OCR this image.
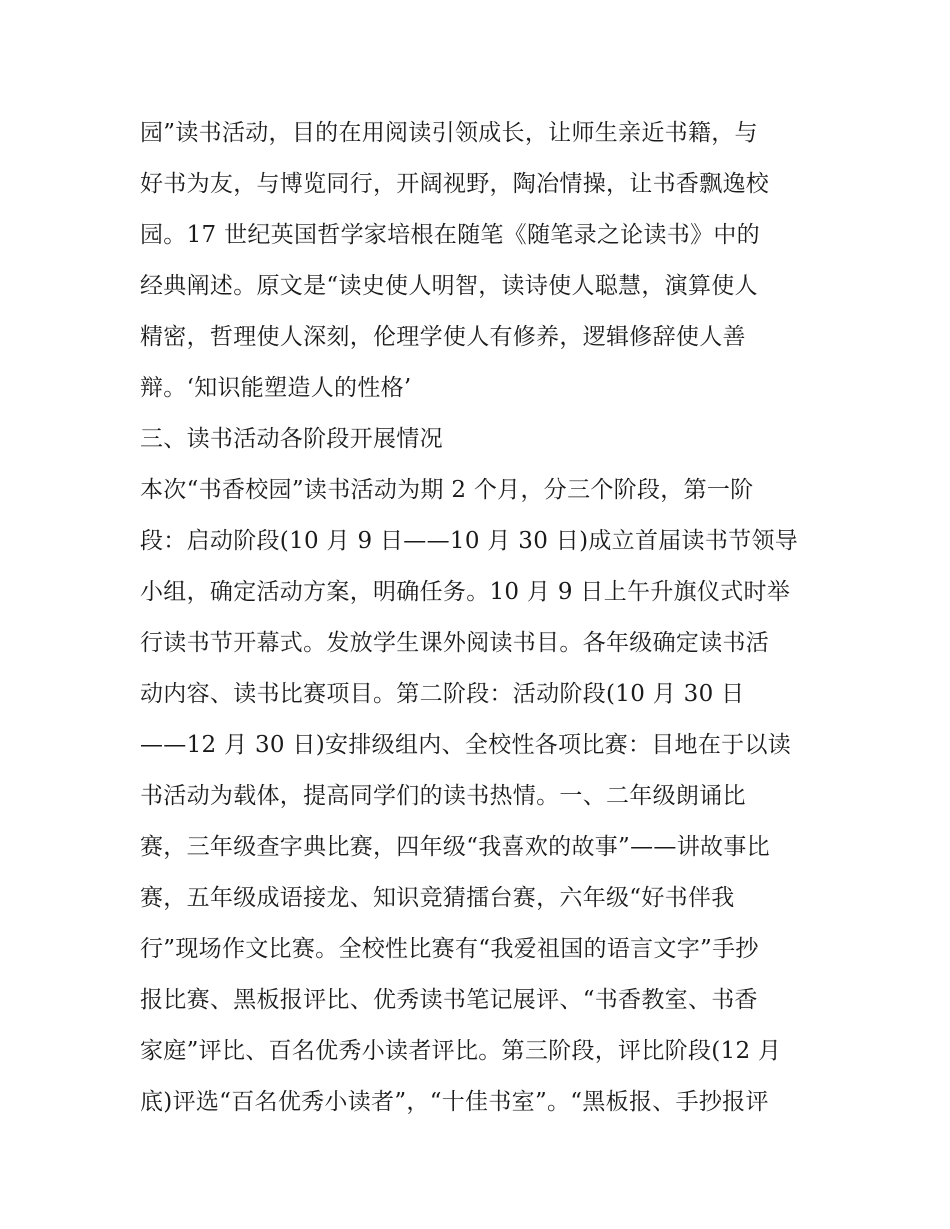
园”读书活动，目的在用阅读引领成长，让师生亲近书籍，与
好书为友，与博览同行，开阔视野，陶冶情操，让书香飘逸校
园。17 世纪英国哲学家培根在随笔《随笔录之论读书》中的
经典阐述。原文是“读史使人明智，读诗使人聪慧，演算使人
精密，哲理使人深刻，伦理学使人有修养，逻辑修辞使人善
辩。‘知识能塑造人的性格’
三、读书活动各阶段开展情况
本次“书香校园”读书活动为期 2 个月，分三个阶段，第一阶
段：启动阶段(10 月 9 日——10 月 30 日)成立首届读书节领导
小组，确定活动方案，明确任务。10 月 9 日上午升旗仪式时举
行读书节开幕式。发放学生课外阅读书目。各年级确定读书活
动内容、读书比赛项目。第二阶段：活动阶段(10 月 30 日
——12 月 30 日)安排级组内、全校性各项比赛：目地在于以读
书活动为载体，提高同学们的读书热情。一、二年级朗诵比
赛，三年级查字典比赛，四年级“我喜欢的故事”——讲故事比
赛，五年级成语接龙、知识竞猜擂台赛，六年级“好书伴我
行”现场作文比赛。全校性比赛有“我爱祖国的语言文字”手抄
报比赛、黑板报评比、优秀读书笔记展评、“书香教室、书香
家庭”评比、百名优秀小读者评比。第三阶段，评比阶段(12 月
底)评选“百名优秀小读者”，“十佳书室”。“黑板报、手抄报评
